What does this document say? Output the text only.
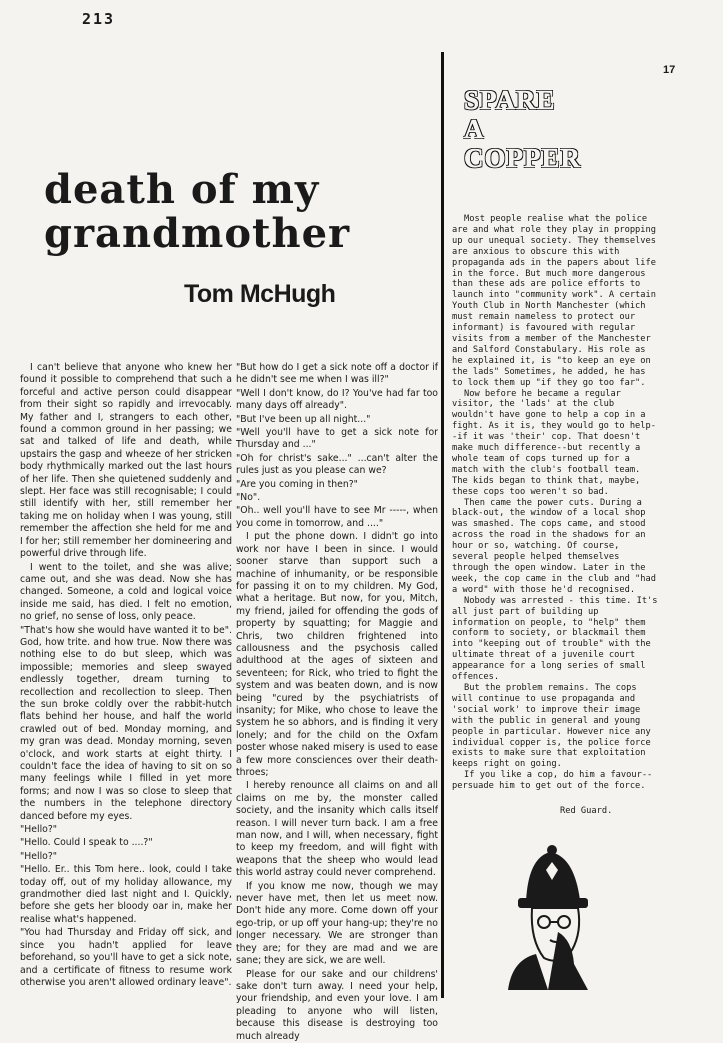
213
17
death of my grandmother
Tom McHugh

I can't believe that anyone who knew her found it possible to comprehend that such a forceful and active person could disappear from their sight so rapidly and irrevocably. My father and I, strangers to each other, found a common ground in her passing; we sat and talked of life and death, while upstairs the gasp and wheeze of her stricken body rhythmically marked out the last hours of her life. Then she quietened suddenly and slept. Her face was still recognisable; I could still identify with her, still remember her taking me on holiday when I was young, still remember the affection she held for me and I for her; still remember her domineering and powerful drive through life.

I went to the toilet, and she was alive; came out, and she was dead. Now she has changed. Someone, a cold and logical voice inside me said, has died. I felt no emotion, no grief, no sense of loss, only peace.

"That's how she would have wanted it to be". God, how trite. and how true. Now there was nothing else to do but sleep, which was impossible; memories and sleep swayed endlessly together, dream turning to recollection and recollection to sleep. Then the sun broke coldly over the rabbit-hutch flats behind her house, and half the world crawled out of bed. Monday morning, and my gran was dead. Monday morning, seven o'clock, and work starts at eight thirty. I couldn't face the idea of having to sit on so many feelings while I filled in yet more forms; and now I was so close to sleep that the numbers in the telephone directory danced before my eyes.

"Hello?"

"Hello. Could I speak to ....?"

"Hello?"

"Hello. Er.. this Tom here.. look, could I take today off, out of my holiday allowance, my grandmother died last night and I. Quickly, before she gets her bloody oar in, make her realise what's happened.

"You had Thursday and Friday off sick, and since you hadn't applied for leave beforehand, so you'll have to get a sick note, and a certificate of fitness to resume work otherwise you aren't allowed ordinary leave".

"But how do I get a sick note off a doctor if he didn't see me when I was ill?"

"Well I don't know, do I? You've had far too many days off already".

"But I've been up all night..."

"Well you'll have to get a sick note for Thursday and ..."

"Oh for christ's sake..." ...can't alter the rules just as you please can we?

"Are you coming in then?"

"No".

"Oh.. well you'll have to see Mr -----, when you come in tomorrow, and ...."

I put the phone down. I didn't go into work nor have I been in since. I would sooner starve than support such a machine of inhumanity, or be responsible for passing it on to my children. My God, what a heritage. But now, for you, Mitch, my friend, jailed for offending the gods of property by squatting; for Maggie and Chris, two children frightened into callousness and the psychosis called adulthood at the ages of sixteen and seventeen; for Rick, who tried to fight the system and was beaten down, and is now being "cured by the psychiatrists of insanity; for Mike, who chose to leave the system he so abhors, and is finding it very lonely; and for the child on the Oxfam poster whose naked misery is used to ease a few more consciences over their death-throes;

I hereby renounce all claims on and all claims on me by, the monster called society, and the insanity which calls itself reason. I will never turn back. I am a free man now, and I will, when necessary, fight to keep my freedom, and will fight with weapons that the sheep who would lead this world astray could never comprehend.

If you know me now, though we may never have met, then let us meet now. Don't hide any more. Come down off your ego-trip, or up off your hang-up; they're no longer necessary. We are stronger than they are; for they are mad and we are sane; they are sick, we are well.

Please for our sake and our childrens' sake don't turn away. I need your help, your friendship, and even your love. I am pleading to anyone who will listen, because this disease is destroying too much already

SPARE
A
COPPER

Most people realise what the police are and what role they play in propping up our unequal society. They themselves are anxious to obscure this with propaganda ads in the papers about life in the force. But much more dangerous than these ads are police efforts to launch into "community work". A certain Youth Club in North Manchester (which must remain nameless to protect our informant) is favoured with regular visits from a member of the Manchester and Salford Constabulary. His role as he explained it, is "to keep an eye on the lads" Sometimes, he added, he has to lock them up "if they go too far".

Now before he became a regular visitor, the 'lads' at the club wouldn't have gone to help a cop in a fight. As it is, they would go to help--if it was 'their' cop. That doesn't make much difference--but recently a whole team of cops turned up for a match with the club's football team. The kids began to think that, maybe, these cops too weren't so bad.

Then came the power cuts. During a black-out, the window of a local shop was smashed. The cops came, and stood across the road in the shadows for an hour or so, watching. Of course, several people helped themselves through the open window. Later in the week, the cop came in the club and "had a word" with those he'd recognised.

Nobody was arrested - this time. It's all just part of building up information on people, to "help" them conform to society, or blackmail them into "keeping out of trouble" with the ultimate threat of a juvenile court appearance for a long series of small offences.

But the problem remains. The cops will continue to use propaganda and 'social work' to improve their image with the public in general and young people in particular. However nice any individual copper is, the police force exists to make sure that exploitation keeps right on going.

If you like a cop, do him a favour--persuade him to get out of the force.

Red Guard.
